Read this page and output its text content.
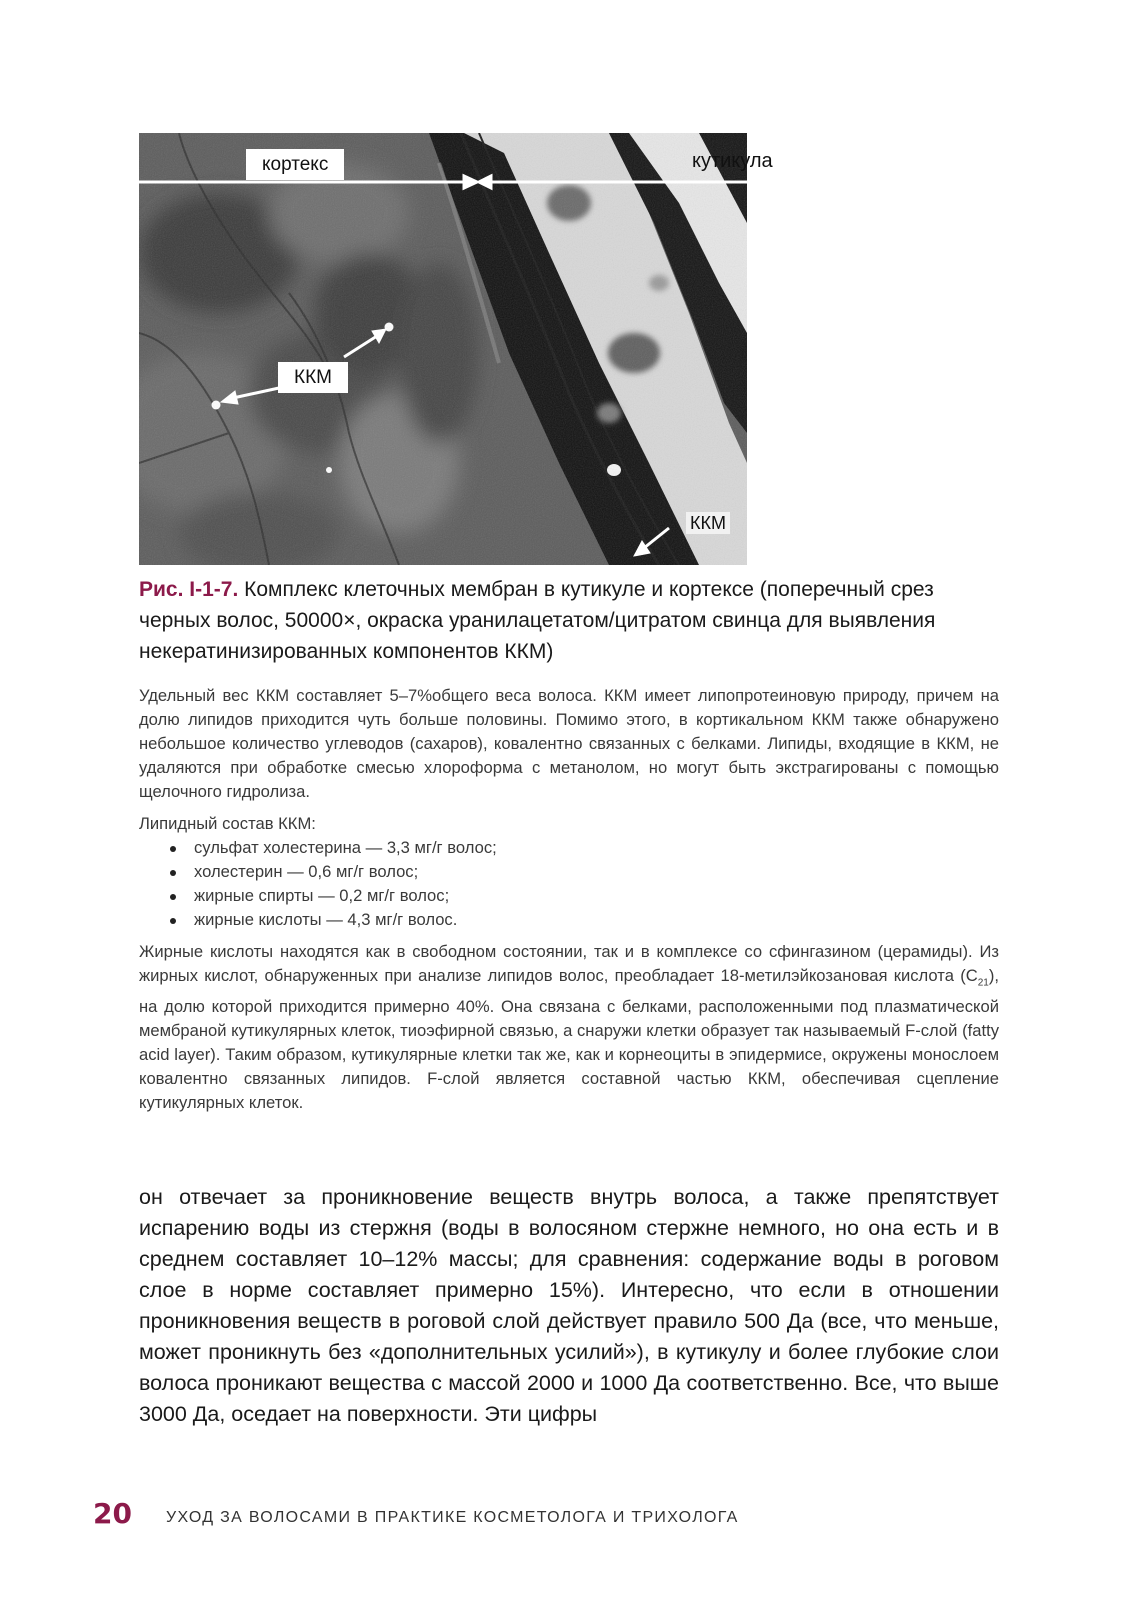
кортекс	кутикула
ККМ
ККМ
Рис. I-1-7. Комплекс клеточных мембран в кутикуле и кортексе (поперечный срез черных волос, 50000×, окраска уранилацетатом/цитратом свинца для выявления некератинизированных компонентов ККМ)

Удельный вес ККМ составляет 5–7%общего веса волоса. ККМ имеет липопротеиновую природу, причем на долю липидов приходится чуть больше половины. Помимо этого, в кортикальном ККМ также обнаружено небольшое количество углеводов (сахаров), ковалентно связанных с белками. Липиды, входящие в ККМ, не удаляются при обработке смесью хлороформа с метанолом, но могут быть экстрагированы с помощью щелочного гидролиза.

Липидный состав ККМ:

сульфат холестерина — 3,3 мг/г волос;
холестерин — 0,6 мг/г волос;
жирные спирты — 0,2 мг/г волос;
жирные кислоты — 4,3 мг/г волос.

Жирные кислоты находятся как в свободном состоянии, так и в комплексе со сфингазином (церамиды). Из жирных кислот, обнаруженных при анализе липидов волос, преобладает 18-метилэйкозановая кислота $(C_{21})$, на долю которой приходится примерно 40%. Она связана с белками, расположенными под плазматической мембраной кутикулярных клеток, тиоэфирной связью, а снаружи клетки образует так называемый F-слой (fatty acid layer). Таким образом, кутикулярные клетки так же, как и корнеоциты в эпидермисе, окружены монослоем ковалентно связанных липидов. F-слой является составной частью ККМ, обеспечивая сцепление кутикулярных клеток.

он отвечает за проникновение веществ внутрь волоса, а также препятствует испарению воды из стержня (воды в волосяном стержне немного, но она есть и в среднем составляет 10–12% массы; для сравнения: содержание воды в роговом слое в норме составляет примерно 15%). Интересно, что если в отношении проникновения веществ в роговой слой действует правило 500 Да (все, что меньше, может проникнуть без «дополнительных усилий»), в кутикулу и более глубокие слои волоса проникают вещества с массой 2000 и 1000 Да соответственно. Все, что выше 3000 Да, оседает на поверхности. Эти цифры

20 УХОД ЗА ВОЛОСАМИ В ПРАКТИКЕ КОСМЕТОЛОГА И ТРИХОЛОГА
